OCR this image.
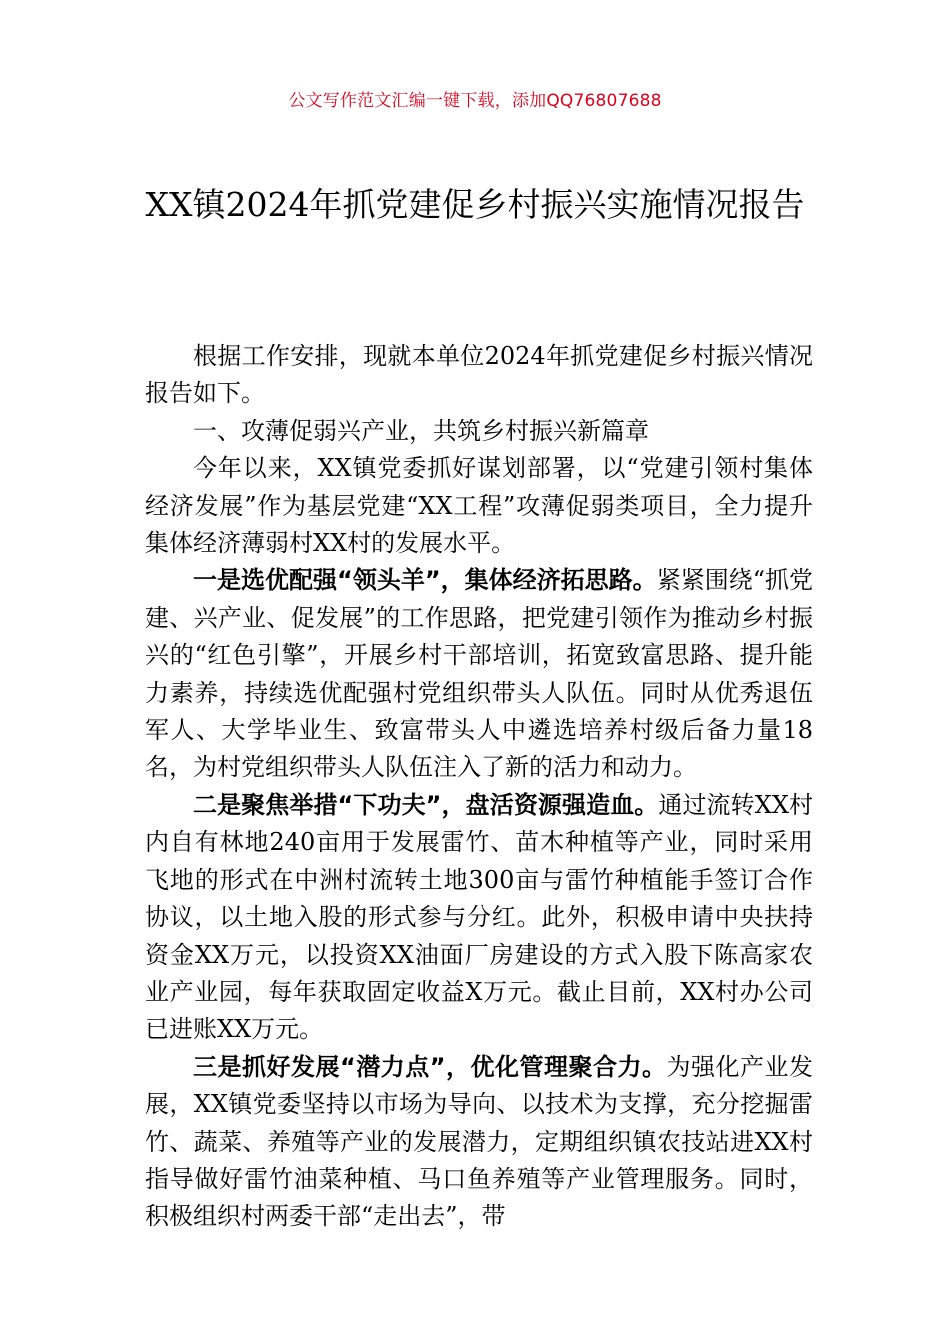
公文写作范文汇编一键下载，添加QQ76807688
XX镇2024年抓党建促乡村振兴实施情况报告

根据工作安排，现就本单位2024年抓党建促乡村振兴情况报告如下。

一、攻薄促弱兴产业，共筑乡村振兴新篇章

今年以来，XX镇党委抓好谋划部署，以“党建引领村集体经济发展”作为基层党建“XX工程”攻薄促弱类项目，全力提升集体经济薄弱村XX村的发展水平。

一是选优配强“领头羊”，集体经济拓思路。紧紧围绕“抓党建、兴产业、促发展”的工作思路，把党建引领作为推动乡村振兴的“红色引擎”，开展乡村干部培训，拓宽致富思路、提升能力素养，持续选优配强村党组织带头人队伍。同时从优秀退伍军人、大学毕业生、致富带头人中遴选培养村级后备力量18名，为村党组织带头人队伍注入了新的活力和动力。

二是聚焦举措“下功夫”，盘活资源强造血。通过流转XX村内自有林地240亩用于发展雷竹、苗木种植等产业，同时采用飞地的形式在中洲村流转土地300亩与雷竹种植能手签订合作协议，以土地入股的形式参与分红。此外，积极申请中央扶持资金XX万元，以投资XX油面厂房建设的方式入股下陈高家农业产业园，每年获取固定收益X万元。截止目前，XX村办公司已进账XX万元。

三是抓好发展“潜力点”，优化管理聚合力。为强化产业发展，XX镇党委坚持以市场为导向、以技术为支撑，充分挖掘雷竹、蔬菜、养殖等产业的发展潜力，定期组织镇农技站进XX村指导做好雷竹油菜种植、马口鱼养殖等产业管理服务。同时，积极组织村两委干部“走出去”，带
